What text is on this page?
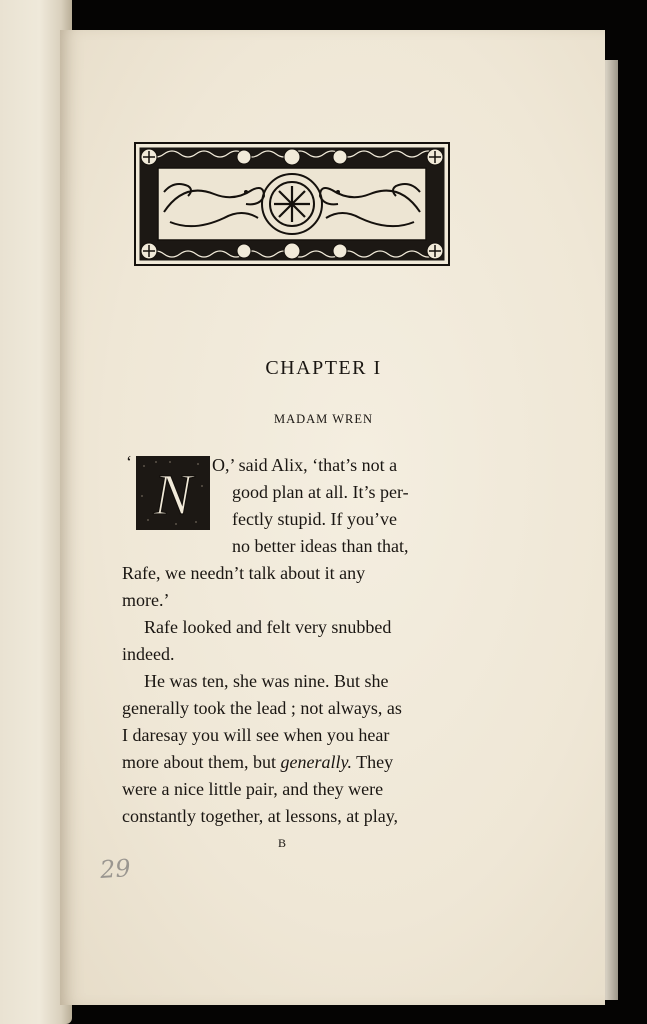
CHAPTER I
MADAM WREN
‘ N O,’ said Alix, ‘that’s not a
good plan at all. It’s per-
fectly stupid. If you’ve
no better ideas than that,
Rafe, we needn’t talk about it any
more.’
Rafe looked and felt very snubbed
indeed.
He was ten, she was nine. But she
generally took the lead ; not always, as
I daresay you will see when you hear
more about them, but generally. They
were a nice little pair, and they were
constantly together, at lessons, at play,
B
29
